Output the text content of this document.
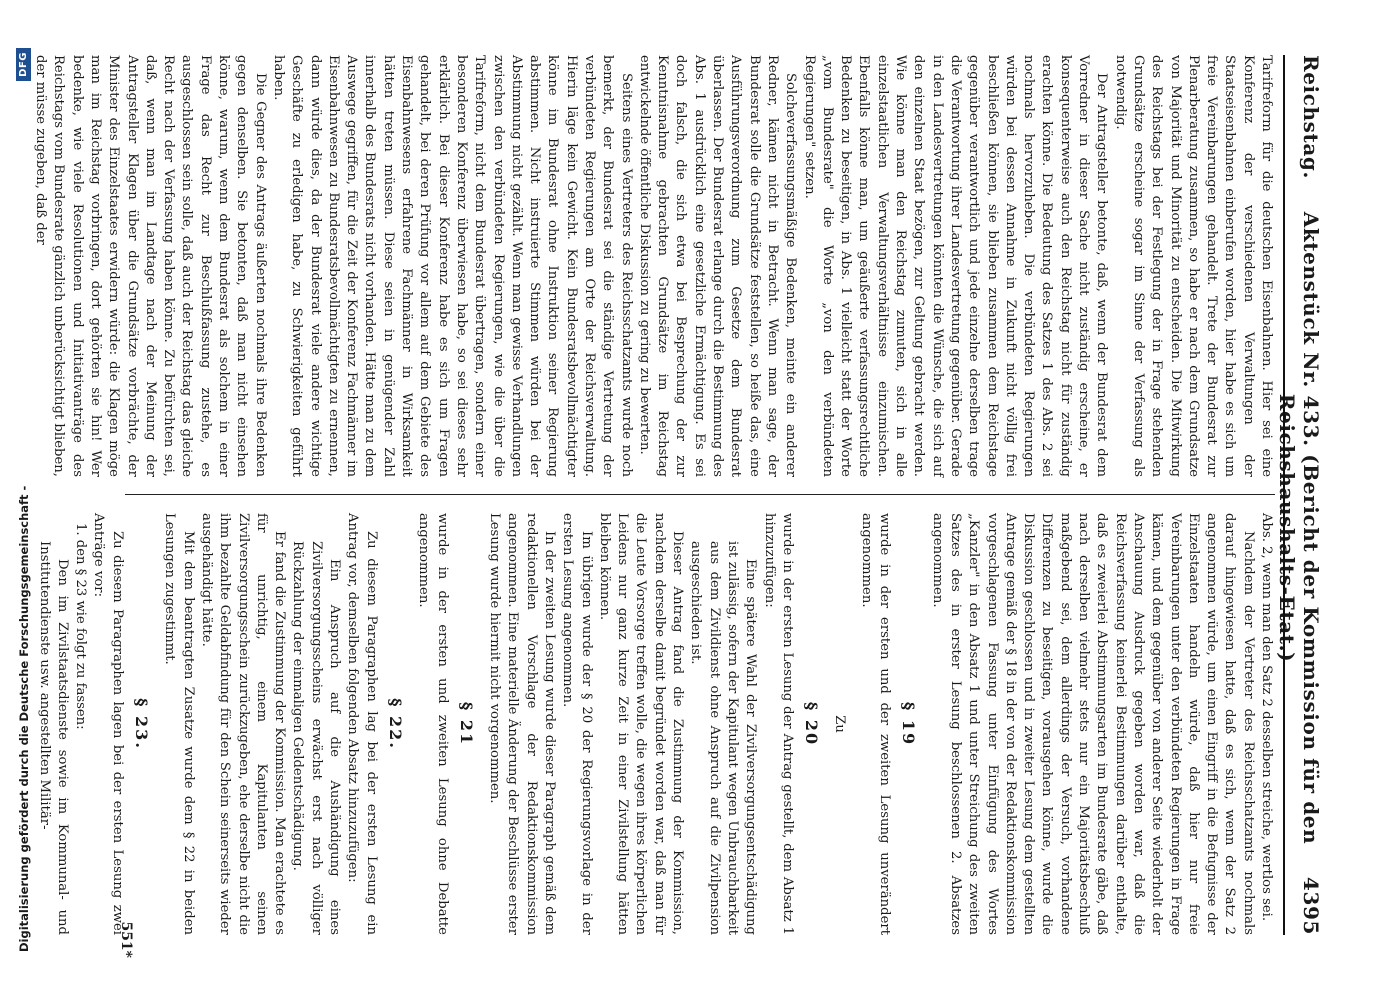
Reichstag.
Aktenstück Nr. 433. (Bericht der Kommission für den Reichshaushalts-Etat.)
4395

Tarifreform für die deutschen Eisenbahnen. Hier sei eine Konferenz der verschiedenen Verwaltungen der Staatseisenbahnen einberufen worden, hier habe es sich um freie Vereinbarungen gehandelt. Trete der Bundesrat zur Plenarberatung zusammen, so habe er nach dem Grundsatze von Majorität und Minorität zu entscheiden. Die Mitwirkung des Reichstags bei der Festlegung der in Frage stehenden Grundsätze erscheine sogar im Sinne der Verfassung als notwendig.

Der Antragsteller betonte, daß, wenn der Bundesrat dem Vorredner in dieser Sache nicht zuständig erscheine, er konsequenterweise auch den Reichstag nicht für zuständig erachten könne. Die Bedeutung des Satzes 1 des Abs. 2 sei nochmals hervorzuheben. Die verbündeten Regierungen würden bei dessen Annahme in Zukunft nicht völlig frei beschließen können, sie blieben zusammen dem Reichstage gegenüber verantwortlich und jede einzelne derselben trage die Verantwortung ihrer Landesvertretung gegenüber. Gerade in den Landesvertretungen könnten die Wünsche, die sich auf den einzelnen Staat bezögen, zur Geltung gebracht werden. Wie könne man den Reichstag zumuten, sich in alle einzelstaatlichen Verwaltungsverhältnisse einzumischen. Ebenfalls könne man, um geäußerte verfassungsrechtliche Bedenken zu beseitigen, in Abs. 1 vielleicht statt der Worte „vom Bundesrate" die Worte „von den verbündeten Regierungen" setzen.

Solcheverfassungsmäßige Bedenken, meinte ein anderer Redner, kämen nicht in Betracht. Wenn man sage, der Bundesrat solle die Grundsätze feststellen, so heiße das, eine Ausführungsverordnung zum Gesetze dem Bundesrat überlassen. Der Bundesrat erlange durch die Bestimmung des Abs. 1 ausdrücklich eine gesetzliche Ermächtigung. Es sei doch falsch, die sich etwa bei Besprechung der zur Kenntnisnahme gebrachten Grundsätze im Reichstag entwickelnde öffentliche Diskussion zu gering zu bewerten.

Seitens eines Vertreters des Reichsschatzamts wurde noch bemerkt, der Bundesrat sei die ständige Vertretung der verbündeten Regierungen am Orte der Reichsverwaltung. Hierin läge kein Gewicht. Kein Bundesratsbevollmächtigter könne im Bundesrat ohne Instruktion seiner Regierung abstimmen. Nicht instruierte Stimmen würden bei der Abstimmung nicht gezählt. Wenn man gewisse Verhandlungen zwischen den verbündeten Regierungen, wie die über die Tarifreform, nicht dem Bundesrat übertragen, sondern einer besonderen Konferenz überwiesen habe, so sei dieses sehr erklärlich. Bei dieser Konferenz habe es sich um Fragen gehandelt, bei deren Prüfung vor allem auf dem Gebiete des Eisenbahnwesens erfahrene Fachmänner in Wirksamkeit hätten treten müssen. Diese seien in genügender Zahl innerhalb des Bundesrats nicht vorhanden. Hätte man zu dem Auswege gegriffen, für die Zeit der Konferenz Fachmänner im Eisenbahnwesen zu Bundesratsbevollmächtigten zu ernennen, dann würde dies, da der Bundesrat viele andere wichtige Geschäfte zu erledigen habe, zu Schwierigkeiten geführt haben.

Die Gegner des Antrags äußerten nochmals ihre Bedenken gegen denselben. Sie betonten, daß man nicht einsehen könne, warum, wenn dem Bundesrat als solchem in einer Frage das Recht zur Beschlußfassung zustehe, es ausgeschlossen sein solle, daß auch der Reichstag das gleiche Recht nach der Verfassung haben könne. Zu befürchten sei, daß, wenn man im Landtage nach der Meinung der Antragsteller Klagen über die Grundsätze vorbrächte, der Minister des Einzelstaates erwidern würde: die Klagen möge man im Reichstag vorbringen, dort gehörten sie hin! Wer bedenke, wie viele Resolutionen und Initiativanträge des Reichstags vom Bundesrate gänzlich unberücksichtigt blieben, der müsse zugeben, daß der

Abs. 2, wenn man den Satz 2 desselben streiche, wertlos sei.

Nachdem der Vertreter des Reichsschatzamts nochmals darauf hingewiesen hatte, daß es sich, wenn der Satz 2 angenommen würde, um einen Eingriff in die Befugnisse der Einzelstaaten handeln würde, daß hier nur freie Vereinbarungen unter den verbündeten Regierungen in Frage kämen, und dem gegenüber von anderer Seite wiederholt der Anschauung Ausdruck gegeben worden war, daß die Reichsverfassung keinerlei Bestimmungen darüber enthalte, daß es zweierlei Abstimmungsarten im Bundesrate gäbe, daß nach derselben vielmehr stets nur ein Majoritätsbeschluß maßgebend sei, dem allerdings der Versuch, vorhandene Differenzen zu beseitigen, vorausgehen könne, wurde die Diskussion geschlossen und in zweiter Lesung dem gestellten Antrage gemäß der § 18 in der von der Redaktionskommission vorgeschlagenen Fassung unter Einfügung des Wortes „Kanzler" in den Absatz 1 und unter Streichung des zweiten Satzes des in erster Lesung beschlossenen 2. Absatzes angenommen.

§ 19

wurde in der ersten und der zweiten Lesung unverändert angenommen.

Zu

§ 20

wurde in der ersten Lesung der Antrag gestellt, dem Absatz 1 hinzuzufügen:

Eine spätere Wahl der Zivilversorgungsentschädigung ist zulässig, sofern der Kapitulant wegen Unbrauchbarkeit aus dem Zivildienst ohne Anspruch auf die Zivilpension ausgeschieden ist.

Dieser Antrag fand die Zustimmung der Kommission, nachdem derselbe damit begründet worden war, daß man für die Leute Vorsorge treffen wolle, die wegen ihres körperlichen Leidens nur ganz kurze Zeit in einer Zivilstellung hätten bleiben können.

Im übrigen wurde der § 20 der Regierungsvorlage in der ersten Lesung angenommen.

In der zweiten Lesung wurde dieser Paragraph gemäß dem redaktionellen Vorschlage der Redaktionskommission angenommen. Eine materielle Änderung der Beschlüsse erster Lesung wurde hiermit nicht vorgenommen.

§ 21

wurde in der ersten und zweiten Lesung ohne Debatte angenommen.

§ 22.

Zu diesem Paragraphen lag bei der ersten Lesung ein Antrag vor, demselben folgenden Absatz hinzuzufügen:

Ein Anspruch auf die Aushändigung eines Zivilversorgungsscheins erwächst erst nach völliger Rückzahlung der einmaligen Geldentschädigung.

Er fand die Zustimmung der Kommission. Man erachtete es für unrichtig, einem Kapitulanten seinen Zivilversorgungsschein zurückzugeben, ehe derselbe nicht die ihm bezahlte Geldabfindung für den Schein seinerseits wieder ausgehändigt hätte.

Mit dem beantragten Zusatze wurde dem § 22 in beiden Lesungen zugestimmt.

§ 23.

Zu diesem Paragraphen lagen bei der ersten Lesung zwei Anträge vor:

1. den § 23 wie folgt zu fassen:

Den im Zivilstaatsdienste sowie im Kommunal- und Institutendienste usw. angestellten Militär-

551*
Digitalisierung gefördert durch die Deutsche Forschungsgemeinschaft -
DFG
